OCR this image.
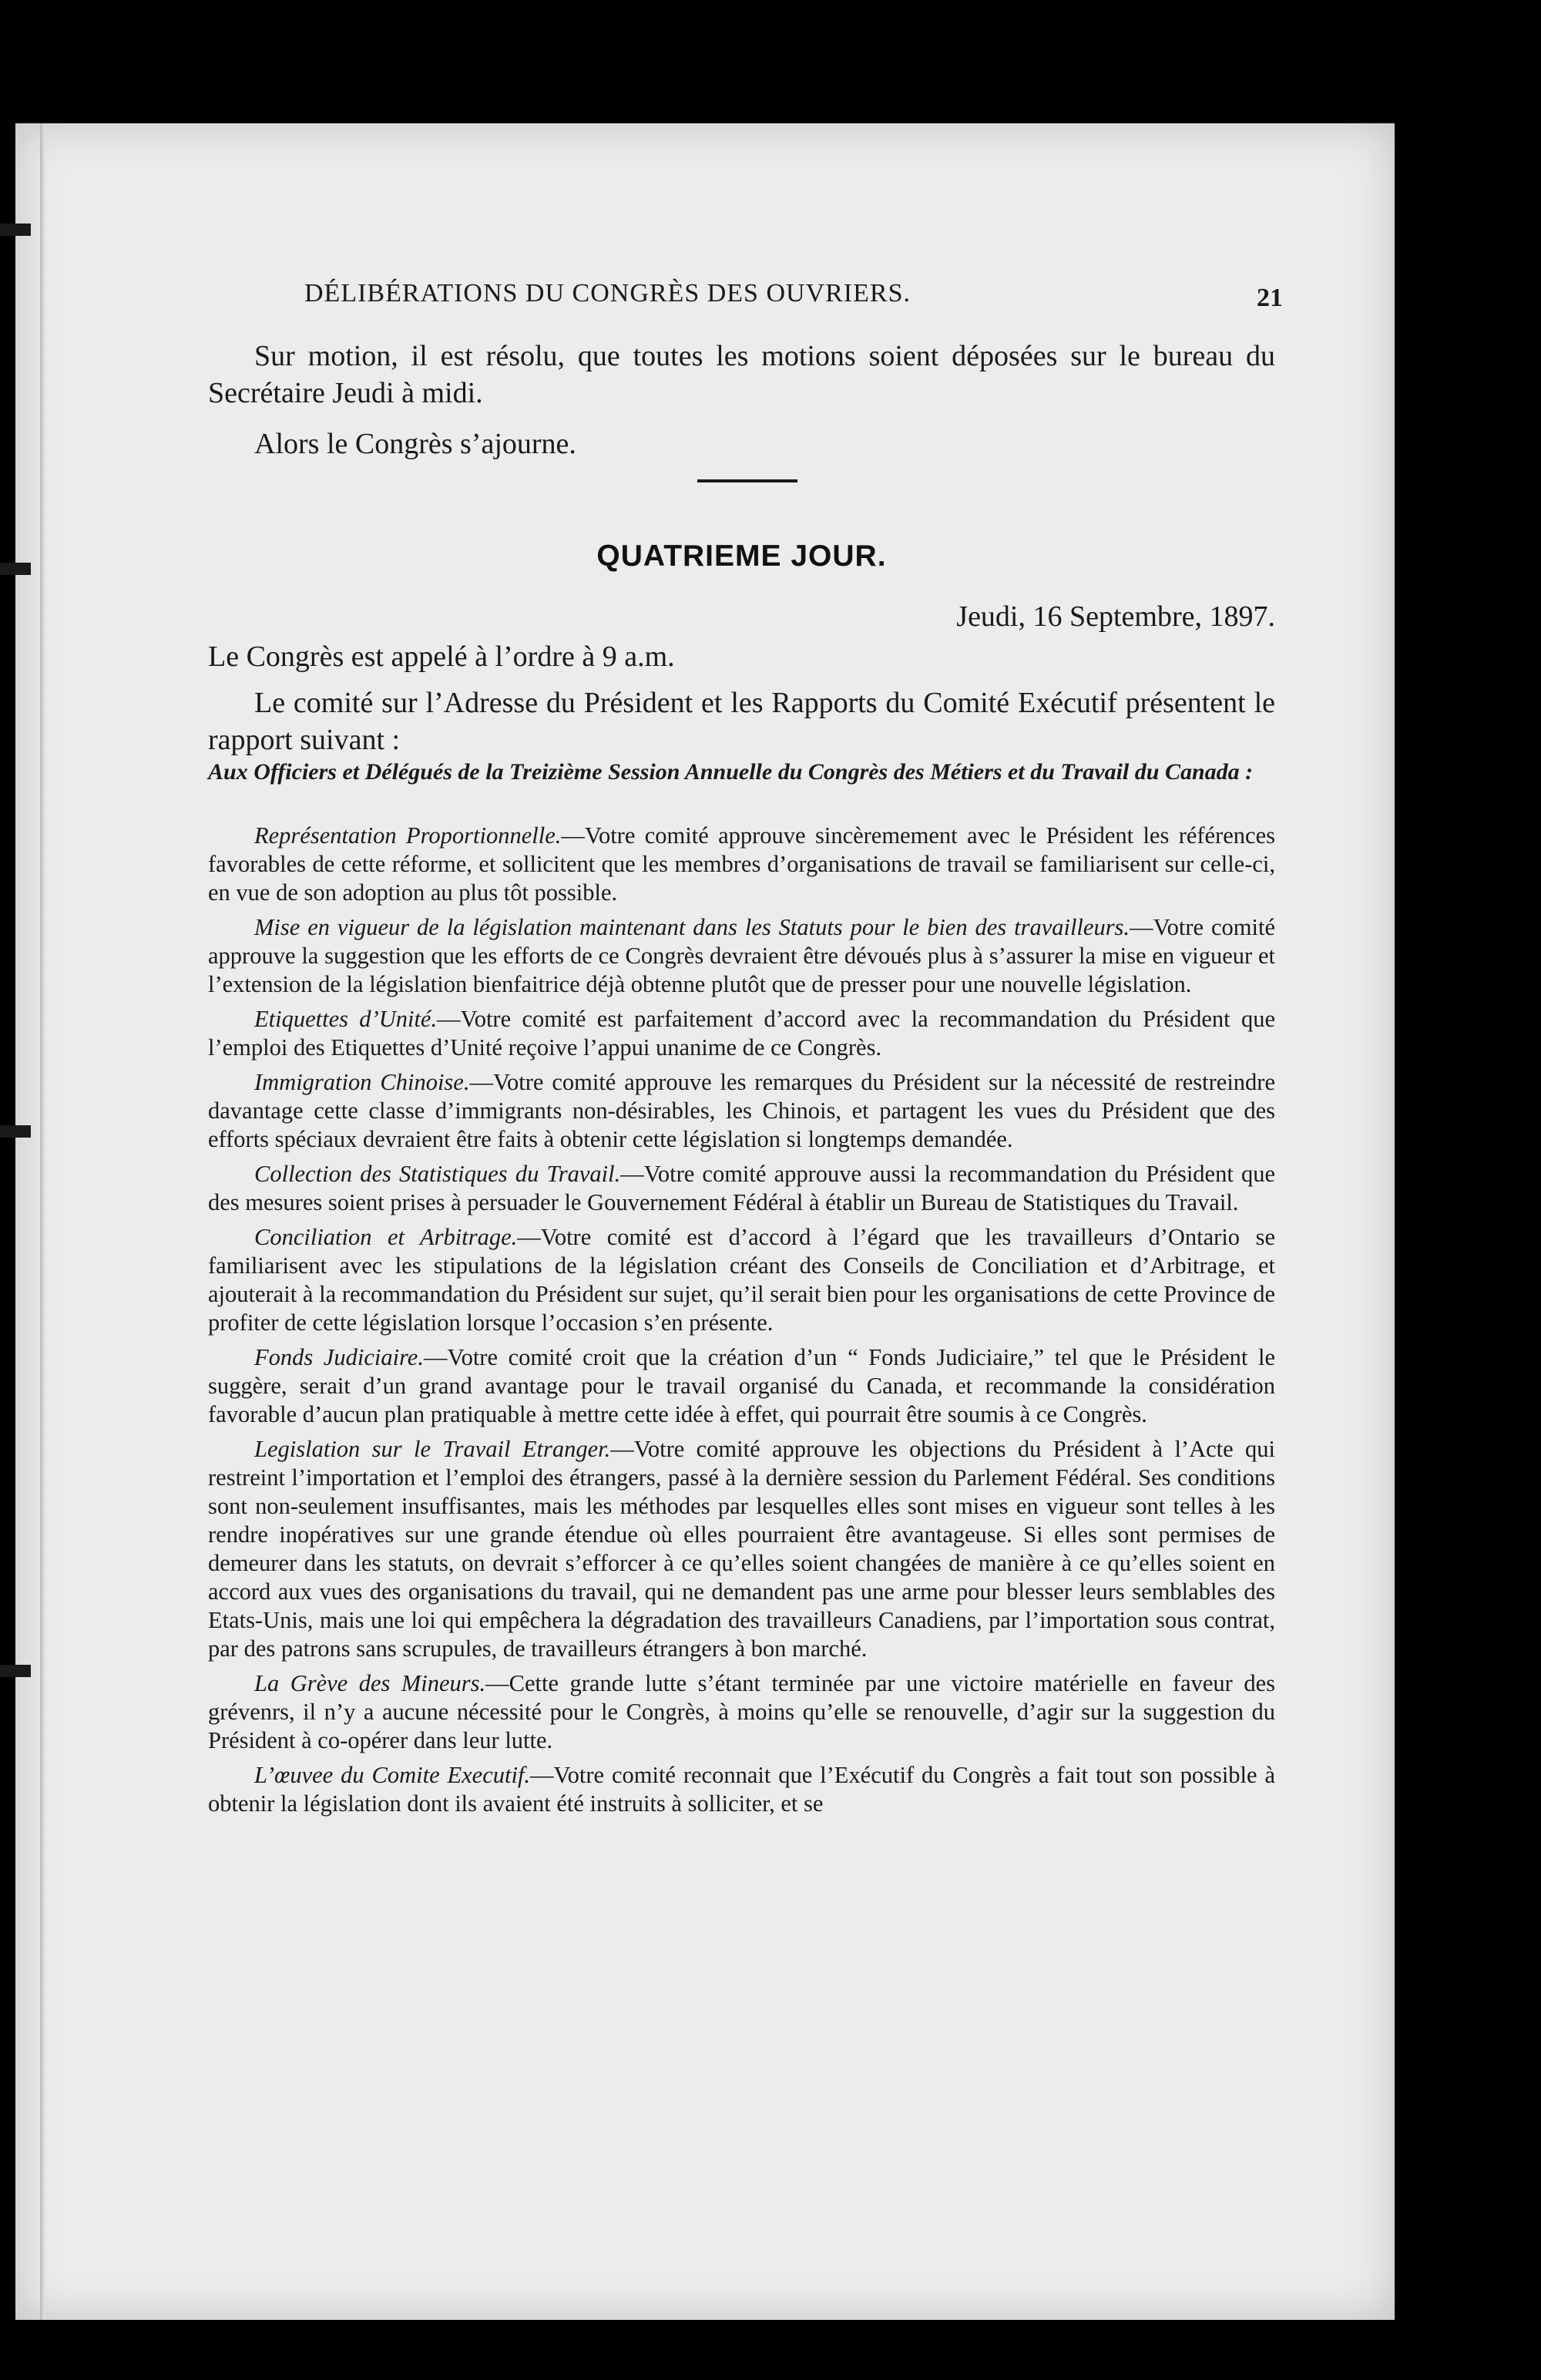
DÉLIBÉRATIONS DU CONGRÈS DES OUVRIERS.	21

Sur motion, il est résolu, que toutes les motions soient déposées sur le bureau du Secrétaire Jeudi à midi.

Alors le Congrès s’ajourne.

QUATRIEME JOUR.
Jeudi, 16 Septembre, 1897.

Le Congrès est appelé à l’ordre à 9 a.m.

Le comité sur l’Adresse du Président et les Rapports du Comité Exécutif présentent le rapport suivant :

Aux Officiers et Délégués de la Treizième Session Annuelle du Congrès des Métiers et du Travail du Canada :

Représentation Proportionnelle.—Votre comité approuve sincèremement avec le Président les références favorables de cette réforme, et sollicitent que les membres d’organisations de travail se familiarisent sur celle-ci, en vue de son adoption au plus tôt possible.

Mise en vigueur de la législation maintenant dans les Statuts pour le bien des travailleurs.—Votre comité approuve la suggestion que les efforts de ce Congrès devraient être dévoués plus à s’assurer la mise en vigueur et l’extension de la législation bienfaitrice déjà obtenne plutôt que de presser pour une nouvelle législation.

Etiquettes d’Unité.—Votre comité est parfaitement d’accord avec la recommandation du Président que l’emploi des Etiquettes d’Unité reçoive l’appui unanime de ce Congrès.

Immigration Chinoise.—Votre comité approuve les remarques du Président sur la nécessité de restreindre davantage cette classe d’immigrants non-désirables, les Chinois, et partagent les vues du Président que des efforts spéciaux devraient être faits à obtenir cette législation si longtemps demandée.

Collection des Statistiques du Travail.—Votre comité approuve aussi la recommandation du Président que des mesures soient prises à persuader le Gouvernement Fédéral à établir un Bureau de Statistiques du Travail.

Conciliation et Arbitrage.—Votre comité est d’accord à l’égard que les travailleurs d’Ontario se familiarisent avec les stipulations de la législation créant des Conseils de Conciliation et d’Arbitrage, et ajouterait à la recommandation du Président sur sujet, qu’il serait bien pour les organisations de cette Province de profiter de cette législation lorsque l’occasion s’en présente.

Fonds Judiciaire.—Votre comité croit que la création d’un “ Fonds Judiciaire,” tel que le Président le suggère, serait d’un grand avantage pour le travail organisé du Canada, et recommande la considération favorable d’aucun plan pratiquable à mettre cette idée à effet, qui pourrait être soumis à ce Congrès.

Legislation sur le Travail Etranger.—Votre comité approuve les objections du Président à l’Acte qui restreint l’importation et l’emploi des étrangers, passé à la dernière session du Parlement Fédéral. Ses conditions sont non-seulement insuffisantes, mais les méthodes par lesquelles elles sont mises en vigueur sont telles à les rendre inopératives sur une grande étendue où elles pourraient être avantageuse. Si elles sont permises de demeurer dans les statuts, on devrait s’efforcer à ce qu’elles soient changées de manière à ce qu’elles soient en accord aux vues des organisations du travail, qui ne demandent pas une arme pour blesser leurs semblables des Etats-Unis, mais une loi qui empêchera la dégradation des travailleurs Canadiens, par l’importation sous contrat, par des patrons sans scrupules, de travailleurs étrangers à bon marché.

La Grève des Mineurs.—Cette grande lutte s’étant terminée par une victoire matérielle en faveur des grévenrs, il n’y a aucune nécessité pour le Congrès, à moins qu’elle se renouvelle, d’agir sur la suggestion du Président à co-opérer dans leur lutte.

L’œuvee du Comite Executif.—Votre comité reconnait que l’Exécutif du Congrès a fait tout son possible à obtenir la législation dont ils avaient été instruits à solliciter, et se
